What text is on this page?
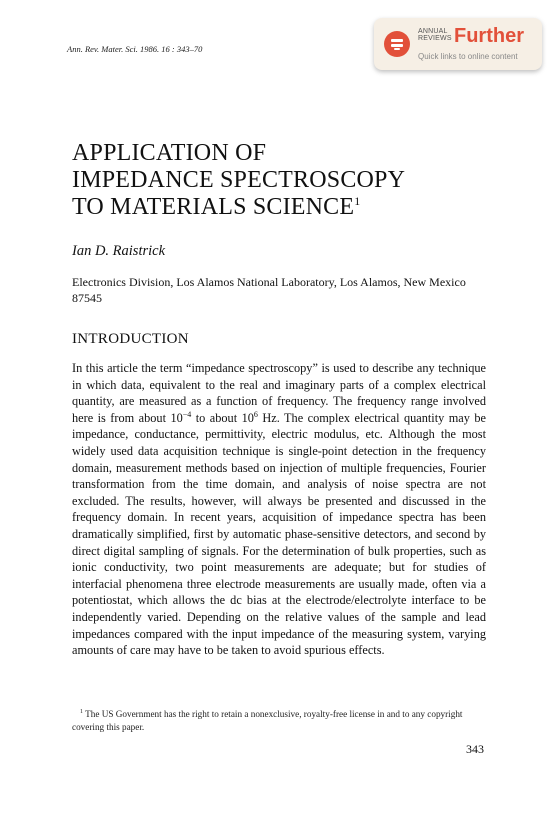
Ann. Rev. Mater. Sci. 1986. 16 : 343–70
ANNUAL
REVIEWS Further
Quick links to online content
APPLICATION OF
IMPEDANCE SPECTROSCOPY
TO MATERIALS SCIENCE$^1$
Ian D. Raistrick
Electronics Division, Los Alamos National Laboratory, Los Alamos, New Mexico 87545
INTRODUCTION

In this article the term “impedance spectroscopy” is used to describe any technique in which data, equivalent to the real and imaginary parts of a complex electrical quantity, are measured as a function of frequency. The frequency range involved here is from about $10^{-4}$ to about $10^6$ Hz. The complex electrical quantity may be impedance, conductance, permittivity, electric modulus, etc. Although the most widely used data acquisition technique is single-point detection in the frequency domain, measurement methods based on injection of multiple frequencies, Fourier transformation from the time domain, and analysis of noise spectra are not excluded. The results, however, will always be presented and discussed in the frequency domain. In recent years, acquisition of impedance spectra has been dramatically simplified, first by automatic phase-sensitive detectors, and second by direct digital sampling of signals. For the determination of bulk properties, such as ionic conductivity, two point measurements are adequate; but for studies of interfacial phenomena three electrode measurements are usually made, often via a potentiostat, which allows the dc bias at the electrode/electrolyte interface to be independently varied. Depending on the relative values of the sample and lead impedances compared with the input impedance of the measuring system, varying amounts of care may have to be taken to avoid spurious effects.

$^1$ The US Government has the right to retain a nonexclusive, royalty-free license in and to any copyright covering this paper.

343
